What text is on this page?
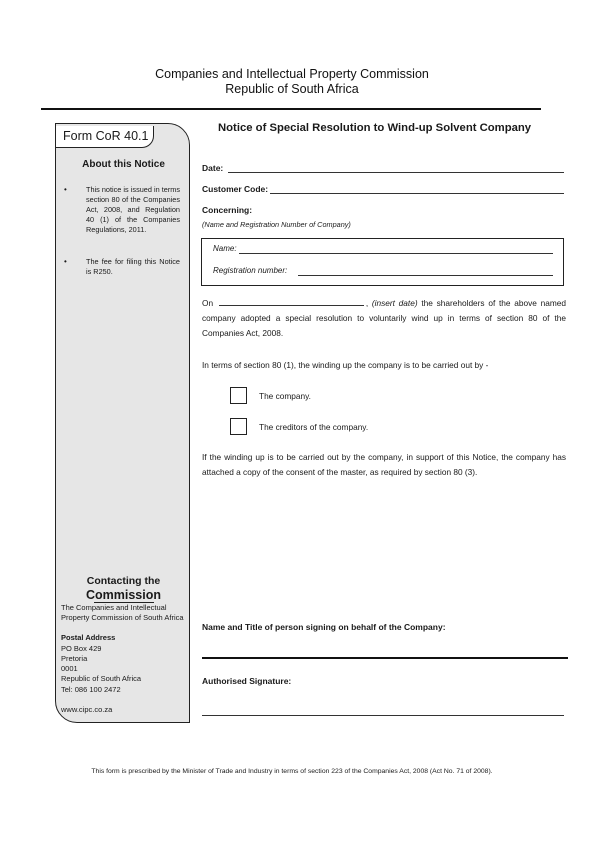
Companies and Intellectual Property Commission
Republic of South Africa
Form CoR 40.1
About this Notice
•	This notice is issued in terms section 80 of the Companies Act, 2008, and Regulation 40 (1) of the Companies Regulations, 2011.
•	The fee for filing this Notice is R250.
Contacting the
Commission
The Companies and Intellectual Property Commission of South Africa
Postal Address
PO Box 429
Pretoria
0001
Republic of South Africa
Tel: 086 100 2472
www.cipc.co.za
Notice of Special Resolution to Wind-up Solvent Company
Date:
Customer Code:
Concerning:
(Name and Registration Number of Company)
Name:
Registration number:
On	, (insert date) the shareholders of the above named company adopted a special resolution to voluntarily wind up in terms of section 80 of the Companies Act, 2008.
In terms of section 80 (1), the winding up the company is to be carried out by -
The company.
The creditors of the company.
If the winding up is to be carried out by the company, in support of this Notice, the company has attached a copy of the consent of the master, as required by section 80 (3).
Name and Title of person signing on behalf of the Company:
Authorised Signature:
This form is prescribed by the Minister of Trade and Industry in terms of section 223 of the Companies Act, 2008 (Act No. 71 of 2008).
